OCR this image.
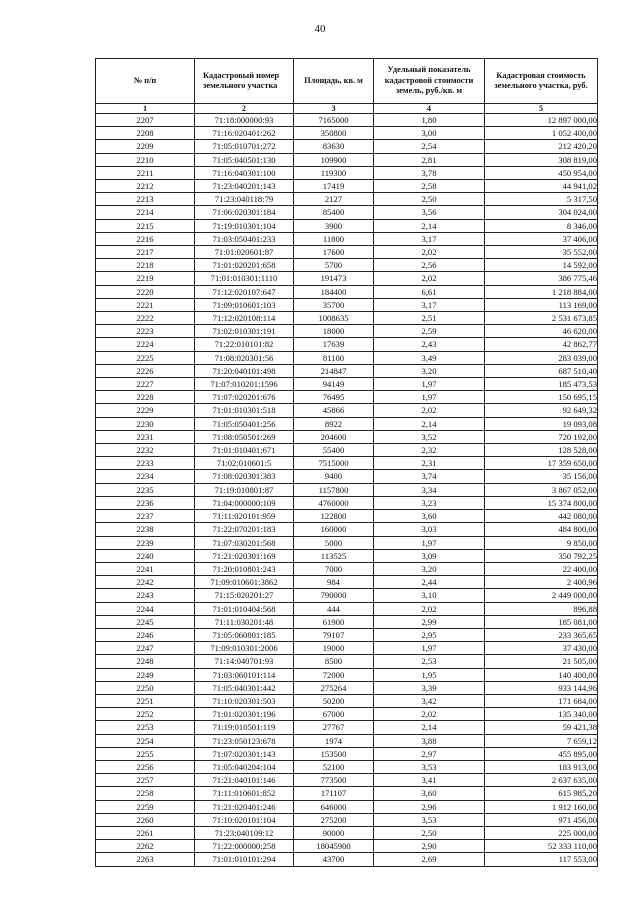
40
№ п/п	Кадастровый номер земельного участка	Площадь, кв. м	Удельный показатель кадастровой стоимости земель, руб./кв. м	Кадастровая стоимость земельного участка, руб.
1	2	3	4	5
2207	71:18:000000:93	7165000	1,80	12 897 000,00
2208	71:16:020401:262	350800	3,00	1 052 400,00
2209	71:05:010701:272	83630	2,54	212 420,20
2210	71:05:040501:130	109900	2,81	308 819,00
2211	71:16:040301:100	119300	3,78	450 954,00
2212	71:23:040201:143	17419	2,58	44 941,02
2213	71:23:040118:79	2127	2,50	5 317,50
2214	71:06:020301:184	85400	3,56	304 024,00
2215	71:19:010301:104	3900	2,14	8 346,00
2216	71:03:050401:233	11800	3,17	37 406,00
2217	71:01:020601:87	17600	2,02	35 552,00
2218	71:01:020201:658	5700	2,56	14 592,00
2219	71:01:010301:1110	191473	2,02	386 775,46
2220	71:12:020107:647	184400	6,61	1 218 884,00
2221	71:09:010601:103	35700	3,17	113 169,00
2222	71:12:020108:114	1008635	2,51	2 531 673,85
2223	71:02:010301:191	18000	2,59	46 620,00
2224	71:22:010101:82	17639	2,43	42 862,77
2225	71:08:020301:56	81100	3,49	283 039,00
2226	71:20:040101:498	214847	3,20	687 510,40
2227	71:07:010201:1596	94149	1,97	185 473,53
2228	71:07:020201:676	76495	1,97	150 695,15
2229	71:01:010301:518	45866	2,02	92 649,32
2230	71:05:050401:256	8922	2,14	19 093,08
2231	71:08:050501:269	204600	3,52	720 192,00
2232	71:01:010401:671	55400	2,32	128 528,00
2233	71:02:010601:5	7515000	2,31	17 359 650,00
2234	71:08:020301:383	9400	3,74	35 156,00
2235	71:19:010801:87	1157800	3,34	3 867 052,00
2236	71:04:000000:109	4760000	3,23	15 374 800,00
2237	71:11:020101:959	122800	3,60	442 080,00
2238	71:22:070201:183	160000	3,03	484 800,00
2239	71:07:030201:568	5000	1,97	9 850,00
2240	71:21:020301:169	113525	3,09	350 792,25
2241	71:20:010801:243	7000	3,20	22 400,00
2242	71:09:010601:3862	984	2,44	2 400,96
2243	71:15:020201:27	790000	3,10	2 449 000,00
2244	71:01:010404:568	444	2,02	896,88
2245	71:11:030201:48	61900	2,99	185 081,00
2246	71:05:060801:185	79107	2,95	233 365,65
2247	71:09:010301:2006	19000	1,97	37 430,00
2248	71:14:040701:93	8500	2,53	21 505,00
2249	71:03:060101:114	72000	1,95	140 400,00
2250	71:05:040301:442	275264	3,39	933 144,96
2251	71:10:020301:503	50200	3,42	171 684,00
2252	71:01:020301:196	67000	2,02	135 340,00
2253	71:19:010501:119	27767	2,14	59 421,38
2254	71:23:050123:678	1974	3,88	7 659,12
2255	71:07:020301:143	153500	2,97	455 895,00
2256	71:05:040204:104	52100	3,53	183 913,00
2257	71:21:040101:146	773500	3,41	2 637 635,00
2258	71:11:010601:852	171107	3,60	615 985,20
2259	71:21:020401:246	646000	2,96	1 912 160,00
2260	71:10:020101:104	275200	3,53	971 456,00
2261	71:23:040109:12	90000	2,50	225 000,00
2262	71:22:000000:258	18045900	2,90	52 333 110,00
2263	71:01:010101:294	43700	2,69	117 553,00
